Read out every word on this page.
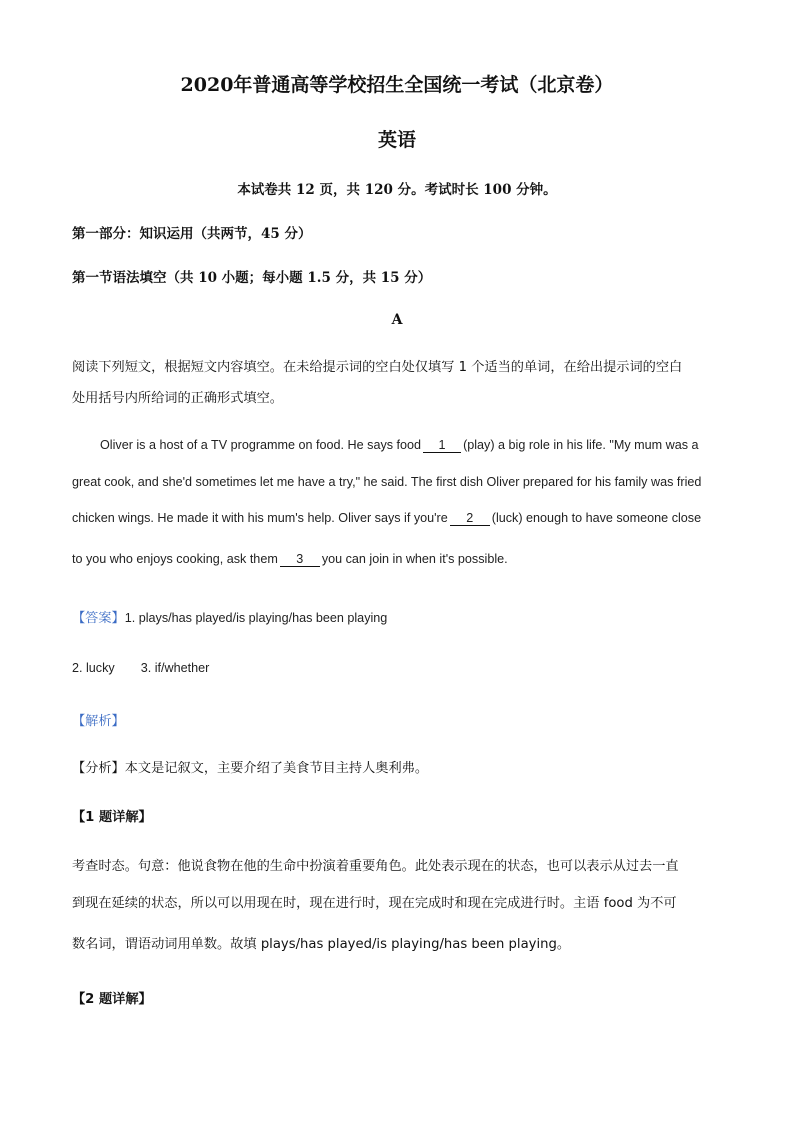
2020年普通高等学校招生全国统一考试（北京卷）
英语
本试卷共 12 页，共 120 分。考试时长 100 分钟。
第一部分：知识运用（共两节，45 分）
第一节语法填空（共 10 小题；每小题 1.5 分，共 15 分）
A
阅读下列短文，根据短文内容填空。在未给提示词的空白处仅填写 1 个适当的单词，在给出提示词的空白
处用括号内所给词的正确形式填空。
Oliver is a host of a TV programme on food. He says food 1 (play) a big role in his life. "My mum was a
great cook, and she'd sometimes let me have a try," he said. The first dish Oliver prepared for his family was fried
chicken wings. He made it with his mum's help. Oliver says if you're 2 (luck) enough to have someone close
to you who enjoys cooking, ask them 3 you can join in when it's possible.
【答案】1. plays/has played/is playing/has been playing
2. lucky 3. if/whether
【解析】
【分析】本文是记叙文，主要介绍了美食节目主持人奥利弗。
【1 题详解】
考查时态。句意：他说食物在他的生命中扮演着重要角色。此处表示现在的状态，也可以表示从过去一直
到现在延续的状态，所以可以用现在时，现在进行时，现在完成时和现在完成进行时。主语 food 为不可
数名词，谓语动词用单数。故填 plays/has played/is playing/has been playing。
【2 题详解】
